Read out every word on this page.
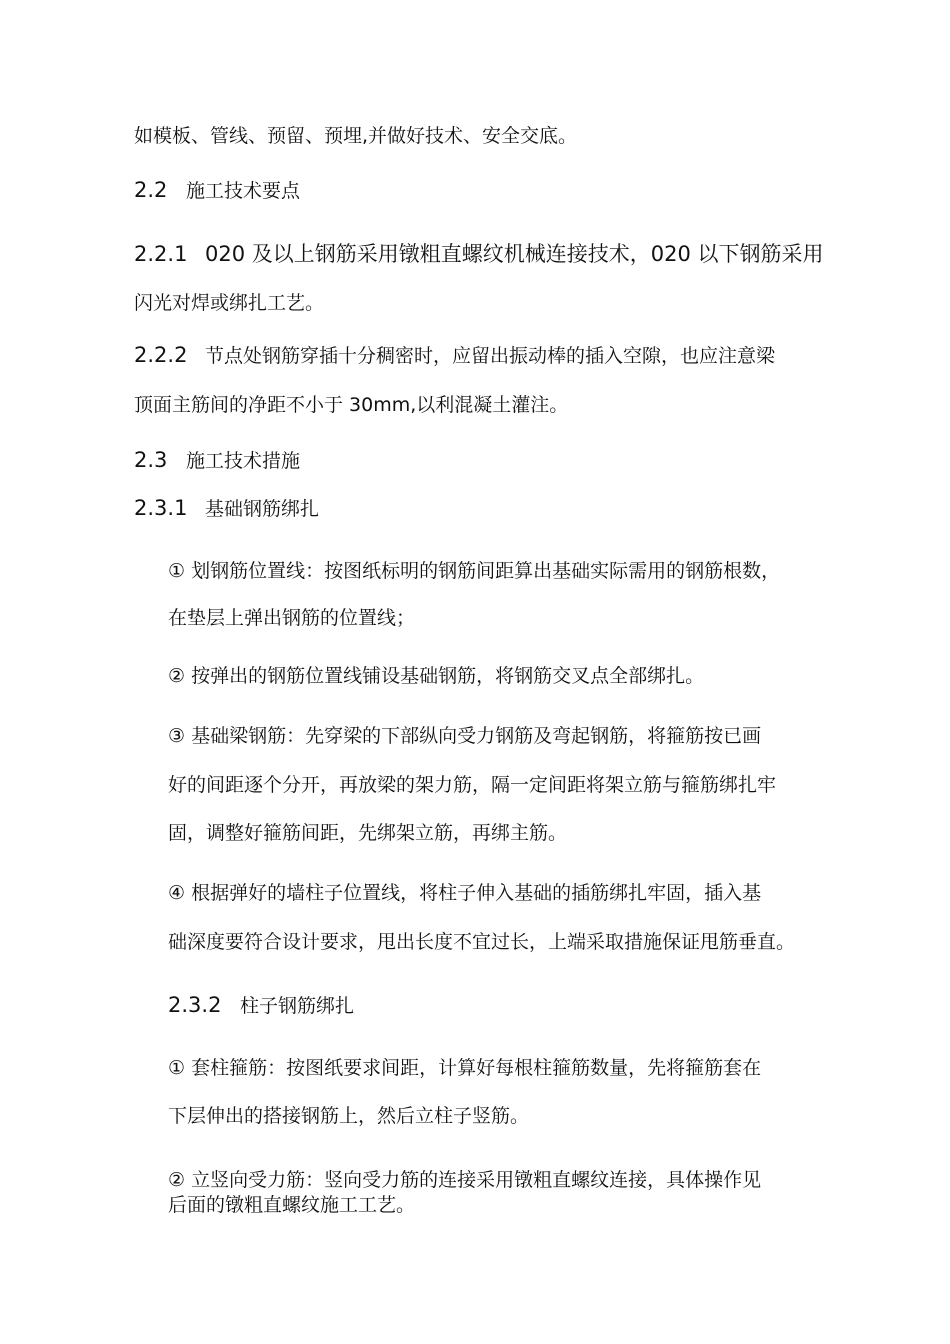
如模板、管线、预留、预埋,并做好技术、安全交底。
2.2 施工技术要点
2.2.1 020 及以上钢筋采用镦粗直螺纹机械连接技术，020 以下钢筋采用
闪光对焊或绑扎工艺。
2.2.2 节点处钢筋穿插十分稠密时，应留出振动棒的插入空隙，也应注意梁
顶面主筋间的净距不小于 30mm,以利混凝土灌注。
2.3 施工技术措施
2.3.1 基础钢筋绑扎
① 划钢筋位置线：按图纸标明的钢筋间距算出基础实际需用的钢筋根数，
在垫层上弹出钢筋的位置线；
② 按弹出的钢筋位置线铺设基础钢筋，将钢筋交叉点全部绑扎。
③ 基础梁钢筋：先穿梁的下部纵向受力钢筋及弯起钢筋，将箍筋按已画
好的间距逐个分开，再放梁的架力筋，隔一定间距将架立筋与箍筋绑扎牢
固，调整好箍筋间距，先绑架立筋，再绑主筋。
④ 根据弹好的墙柱子位置线，将柱子伸入基础的插筋绑扎牢固，插入基
础深度要符合设计要求，甩出长度不宜过长，上端采取措施保证甩筋垂直。
2.3.2 柱子钢筋绑扎
① 套柱箍筋：按图纸要求间距，计算好每根柱箍筋数量，先将箍筋套在
下层伸出的搭接钢筋上，然后立柱子竖筋。
② 立竖向受力筋：竖向受力筋的连接采用镦粗直螺纹连接，具体操作见
后面的镦粗直螺纹施工工艺。
